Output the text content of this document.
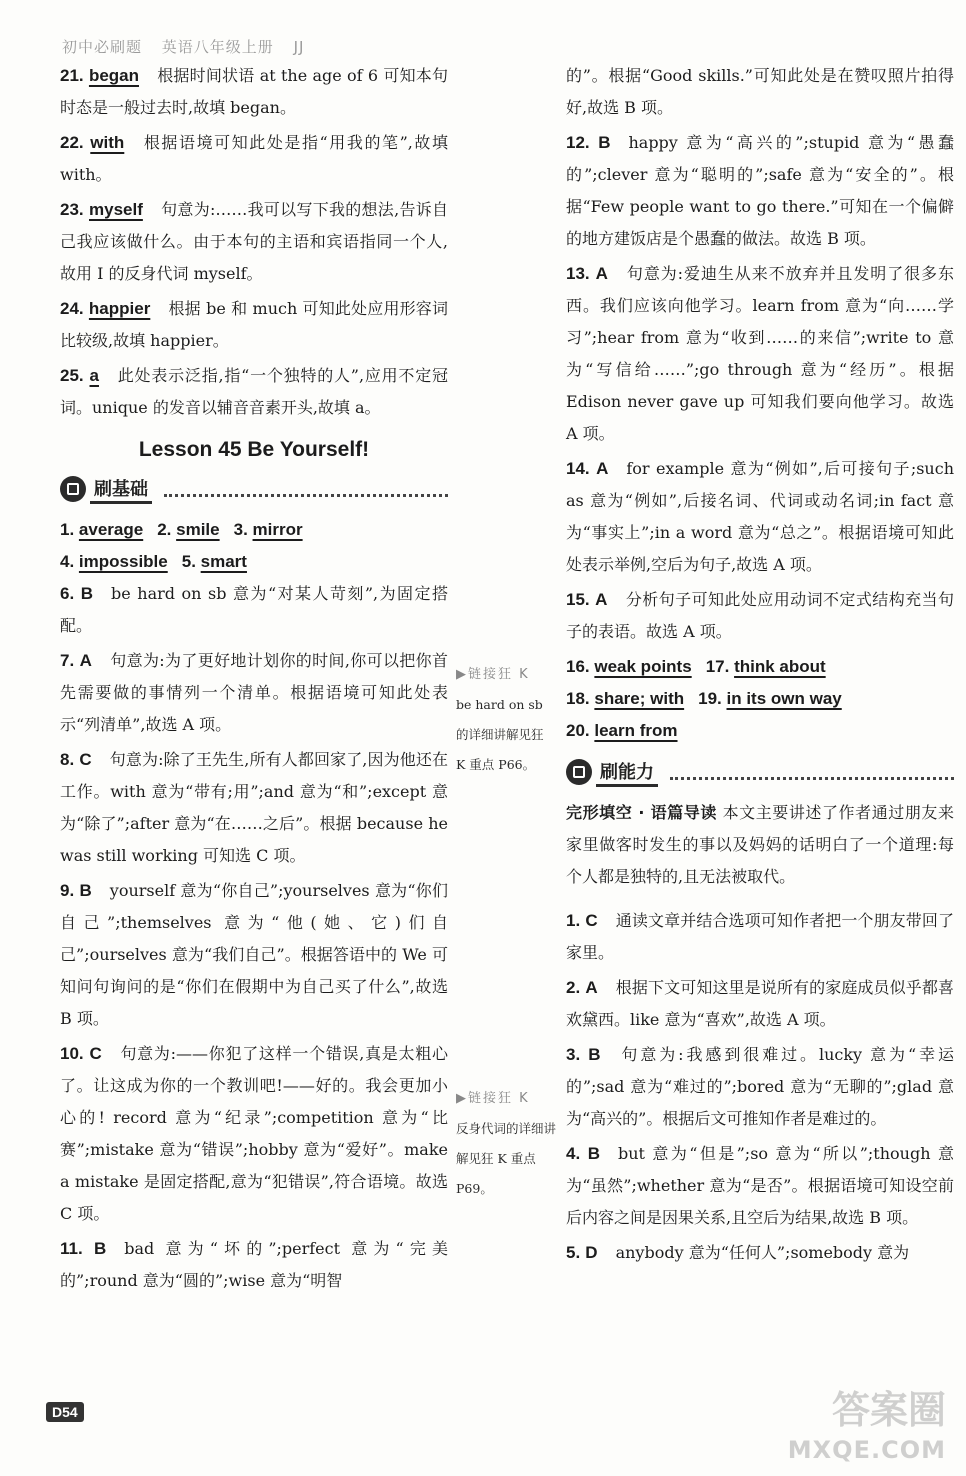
初中必刷题 英语八年级上册 JJ
21. began 根据时间状语 at the age of 6 可知本句时态是一般过去时,故填 began。
22. with 根据语境可知此处是指“用我的笔”,故填 with。
23. myself 句意为:……我可以写下我的想法,告诉自己我应该做什么。由于本句的主语和宾语指同一个人,故用 I 的反身代词 myself。
24. happier 根据 be 和 much 可知此处应用形容词比较级,故填 happier。
25. a 此处表示泛指,指“一个独特的人”,应用不定冠词。unique 的发音以辅音音素开头,故填 a。
Lesson 45 Be Yourself!
刷基础
1. average 2. smile 3. mirror
4. impossible 5. smart
6. B be hard on sb 意为“对某人苛刻”,为固定搭配。
7. A 句意为:为了更好地计划你的时间,你可以把你首先需要做的事情列一个清单。根据语境可知此处表示“列清单”,故选 A 项。
8. C 句意为:除了王先生,所有人都回家了,因为他还在工作。with 意为“带有;用”;and 意为“和”;except 意为“除了”;after 意为“在……之后”。根据 because he was still working 可知选 C 项。
9. B yourself 意为“你自己”;yourselves 意为“你们自己”;themselves 意为“他(她、它)们自己”;ourselves 意为“我们自己”。根据答语中的 We 可知问句询问的是“你们在假期中为自己买了什么”,故选 B 项。
10. C 句意为:——你犯了这样一个错误,真是太粗心了。让这成为你的一个教训吧!——好的。我会更加小心的! record 意为“纪录”;competition 意为“比赛”;mistake 意为“错误”;hobby 意为“爱好”。make a mistake 是固定搭配,意为“犯错误”,符合语境。故选 C 项。
11. B bad 意为“坏的”;perfect 意为“完美的”;round 意为“圆的”;wise 意为“明智
▶链接狂 K
be hard on sb 的详细讲解见狂 K 重点 P66。
▶链接狂 K
反身代词的详细讲解见狂 K 重点 P69。
的”。根据“Good skills.”可知此处是在赞叹照片拍得好,故选 B 项。
12. B happy 意为“高兴的”;stupid 意为“愚蠢的”;clever 意为“聪明的”;safe 意为“安全的”。根据“Few people want to go there.”可知在一个偏僻的地方建饭店是个愚蠢的做法。故选 B 项。
13. A 句意为:爱迪生从来不放弃并且发明了很多东西。我们应该向他学习。learn from 意为“向……学习”;hear from 意为“收到……的来信”;write to 意为“写信给……”;go through 意为“经历”。根据 Edison never gave up 可知我们要向他学习。故选 A 项。
14. A for example 意为“例如”,后可接句子;such as 意为“例如”,后接名词、代词或动名词;in fact 意为“事实上”;in a word 意为“总之”。根据语境可知此处表示举例,空后为句子,故选 A 项。
15. A 分析句子可知此处应用动词不定式结构充当句子的表语。故选 A 项。
16. weak points 17. think about
18. share; with 19. in its own way
20. learn from
刷能力
完形填空 · 语篇导读 本文主要讲述了作者通过朋友来家里做客时发生的事以及妈妈的话明白了一个道理:每个人都是独特的,且无法被取代。
1. C 通读文章并结合选项可知作者把一个朋友带回了家里。
2. A 根据下文可知这里是说所有的家庭成员似乎都喜欢黛西。like 意为“喜欢”,故选 A 项。
3. B 句意为:我感到很难过。lucky 意为“幸运的”;sad 意为“难过的”;bored 意为“无聊的”;glad 意为“高兴的”。根据后文可推知作者是难过的。
4. B but 意为“但是”;so 意为“所以”;though 意为“虽然”;whether 意为“是否”。根据语境可知设空前后内容之间是因果关系,且空后为结果,故选 B 项。
5. D anybody 意为“任何人”;somebody 意为
D54	答案圈
MXQE.COM
